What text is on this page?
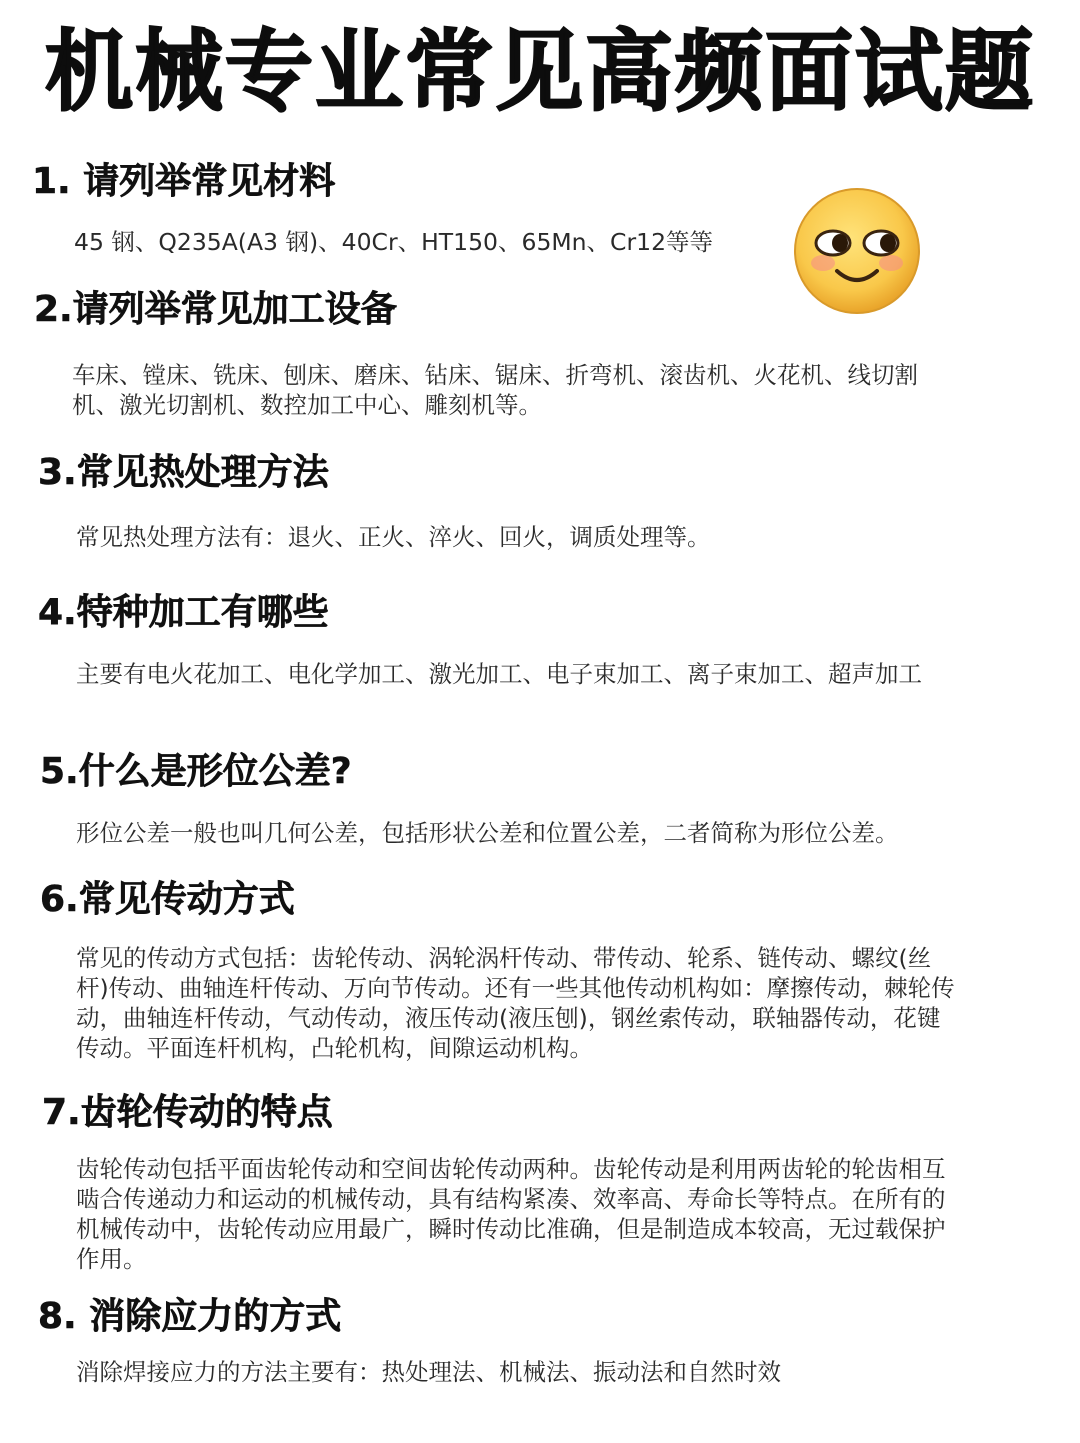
机械专业常见高频面试题
1. 请列举常见材料
45 钢、Q235A(A3 钢)、40Cr、HT150、65Mn、Cr12等等
2.请列举常见加工设备
车床、镗床、铣床、刨床、磨床、钻床、锯床、折弯机、滚齿机、火花机、线切割机、激光切割机、数控加工中心、雕刻机等。
3.常见热处理方法
常见热处理方法有：退火、正火、淬火、回火，调质处理等。
4.特种加工有哪些
主要有电火花加工、电化学加工、激光加工、电子束加工、离子束加工、超声加工
5.什么是形位公差?
形位公差一般也叫几何公差，包括形状公差和位置公差，二者简称为形位公差。
6.常见传动方式
常见的传动方式包括：齿轮传动、涡轮涡杆传动、带传动、轮系、链传动、螺纹(丝杆)传动、曲轴连杆传动、万向节传动。还有一些其他传动机构如：摩擦传动，棘轮传动，曲轴连杆传动，气动传动，液压传动(液压刨)，钢丝索传动，联轴器传动，花键传动。平面连杆机构，凸轮机构，间隙运动机构。
7.齿轮传动的特点
齿轮传动包括平面齿轮传动和空间齿轮传动两种。齿轮传动是利用两齿轮的轮齿相互啮合传递动力和运动的机械传动，具有结构紧凑、效率高、寿命长等特点。在所有的机械传动中，齿轮传动应用最广，瞬时传动比准确，但是制造成本较高，无过载保护作用。
8. 消除应力的方式
消除焊接应力的方法主要有：热处理法、机械法、振动法和自然时效
